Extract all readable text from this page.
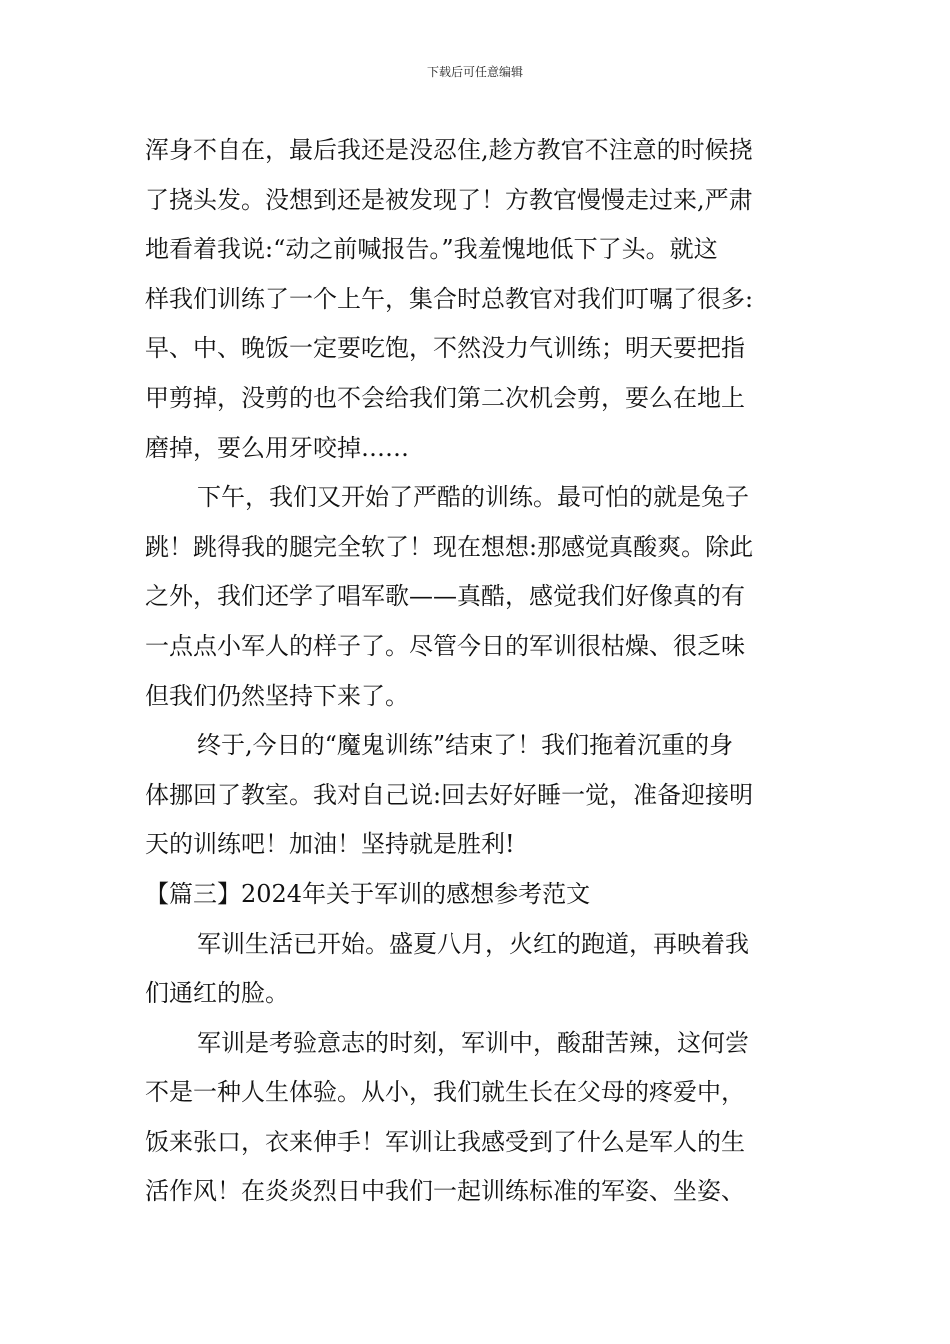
下载后可任意编辑
浑身不自在，最后我还是没忍住,趁方教官不注意的时候挠
了挠头发。没想到还是被发现了！方教官慢慢走过来,严肃
地看着我说:“动之前喊报告。”我羞愧地低下了头。就这
样我们训练了一个上午，集合时总教官对我们叮嘱了很多:
早、中、晚饭一定要吃饱，不然没力气训练；明天要把指
甲剪掉，没剪的也不会给我们第二次机会剪，要么在地上
磨掉，要么用牙咬掉……
下午，我们又开始了严酷的训练。最可怕的就是兔子
跳！跳得我的腿完全软了！现在想想:那感觉真酸爽。除此
之外，我们还学了唱军歌——真酷，感觉我们好像真的有
一点点小军人的样子了。尽管今日的军训很枯燥、很乏味
但我们仍然坚持下来了。
终于,今日的“魔鬼训练”结束了！我们拖着沉重的身
体挪回了教室。我对自己说:回去好好睡一觉，准备迎接明
天的训练吧！加油！坚持就是胜利!
【篇三】2024年关于军训的感想参考范文
军训生活已开始。盛夏八月，火红的跑道，再映着我
们通红的脸。
军训是考验意志的时刻，军训中，酸甜苦辣，这何尝
不是一种人生体验。从小，我们就生长在父母的疼爱中，
饭来张口，衣来伸手！军训让我感受到了什么是军人的生
活作风！在炎炎烈日中我们一起训练标准的军姿、坐姿、
